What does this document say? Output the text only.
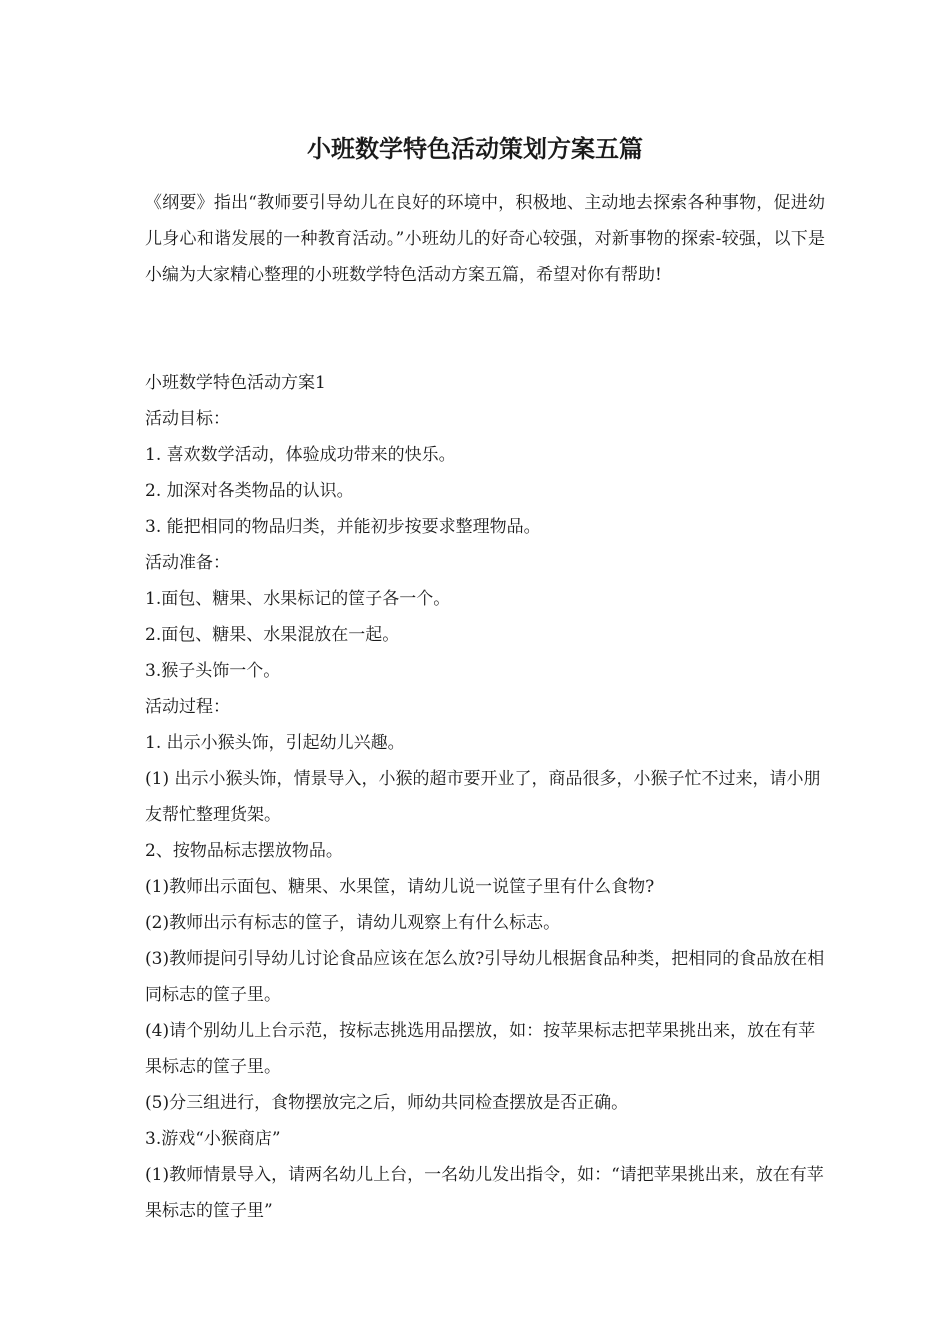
小班数学特色活动策划方案五篇
《纲要》指出“教师要引导幼儿在良好的环境中，积极地、主动地去探索各种事物，促进幼儿身心和谐发展的一种教育活动。”小班幼儿的好奇心较强，对新事物的探索-较强，以下是小编为大家精心整理的小班数学特色活动方案五篇，希望对你有帮助!

小班数学特色活动方案1

活动目标：

1. 喜欢数学活动，体验成功带来的快乐。

2. 加深对各类物品的认识。

3. 能把相同的物品归类，并能初步按要求整理物品。

活动准备：

1.面包、糖果、水果标记的筐子各一个。

2.面包、糖果、水果混放在一起。

3.猴子头饰一个。

活动过程：

1. 出示小猴头饰，引起幼儿兴趣。

(1) 出示小猴头饰，情景导入，小猴的超市要开业了，商品很多，小猴子忙不过来，请小朋友帮忙整理货架。

2、按物品标志摆放物品。

(1)教师出示面包、糖果、水果筐，请幼儿说一说筐子里有什么食物?

(2)教师出示有标志的筐子，请幼儿观察上有什么标志。

(3)教师提问引导幼儿讨论食品应该在怎么放?引导幼儿根据食品种类，把相同的食品放在相同标志的筐子里。

(4)请个别幼儿上台示范，按标志挑选用品摆放，如：按苹果标志把苹果挑出来，放在有苹果标志的筐子里。

(5)分三组进行，食物摆放完之后，师幼共同检查摆放是否正确。

3.游戏“小猴商店”

(1)教师情景导入，请两名幼儿上台，一名幼儿发出指令，如：“请把苹果挑出来，放在有苹果标志的筐子里”
